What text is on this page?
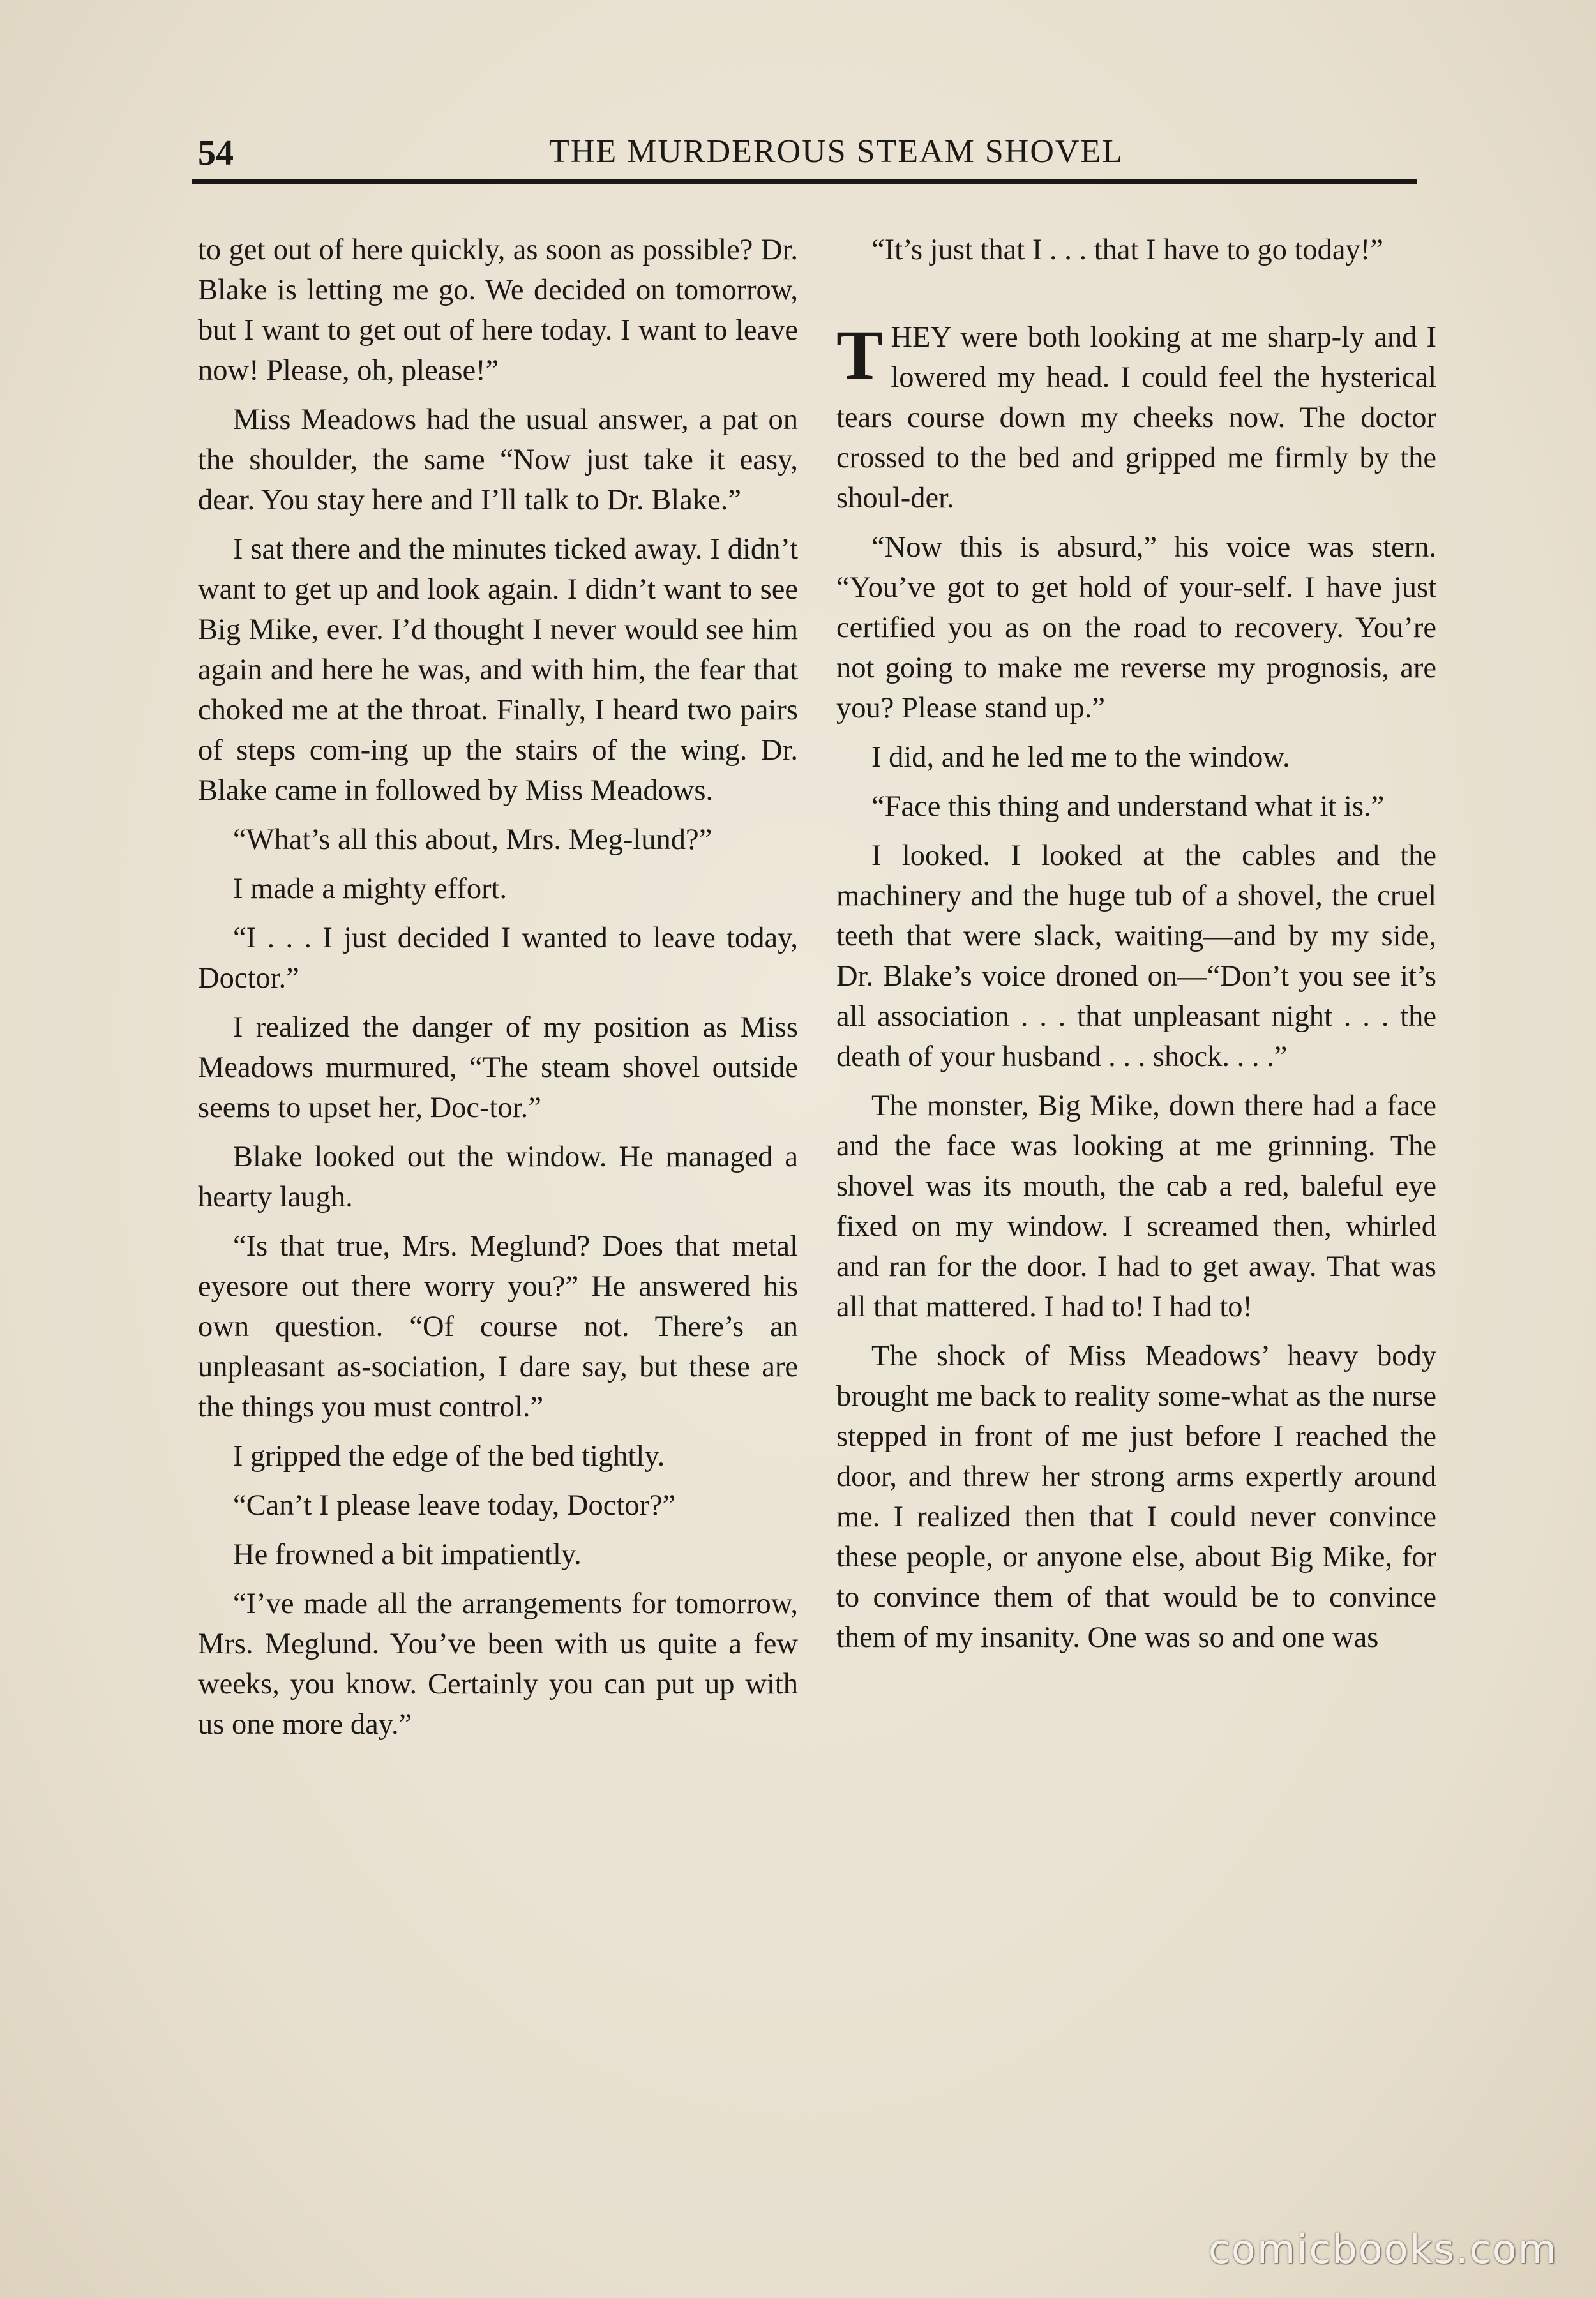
54	THE MURDEROUS STEAM SHOVEL

to get out of here quickly, as soon as possible? Dr. Blake is letting me go. We decided on tomorrow, but I want to get out of here today. I want to leave now! Please, oh, please!”

Miss Meadows had the usual answer, a pat on the shoulder, the same “Now just take it easy, dear. You stay here and I’ll talk to Dr. Blake.”

I sat there and the minutes ticked away. I didn’t want to get up and look again. I didn’t want to see Big Mike, ever. I’d thought I never would see him again and here he was, and with him, the fear that choked me at the throat. Finally, I heard two pairs of steps com-ing up the stairs of the wing. Dr. Blake came in followed by Miss Meadows.

“What’s all this about, Mrs. Meg-lund?”

I made a mighty effort.

“I . . . I just decided I wanted to leave today, Doctor.”

I realized the danger of my position as Miss Meadows murmured, “The steam shovel outside seems to upset her, Doc-tor.”

Blake looked out the window. He managed a hearty laugh.

“Is that true, Mrs. Meglund? Does that metal eyesore out there worry you?” He answered his own question. “Of course not. There’s an unpleasant as-sociation, I dare say, but these are the things you must control.”

I gripped the edge of the bed tightly.

“Can’t I please leave today, Doctor?”

He frowned a bit impatiently.

“I’ve made all the arrangements for tomorrow, Mrs. Meglund. You’ve been with us quite a few weeks, you know. Certainly you can put up with us one more day.”

“It’s just that I . . . that I have to go today!”

THEY were both looking at me sharp-ly and I lowered my head. I could feel the hysterical tears course down my cheeks now. The doctor crossed to the bed and gripped me firmly by the shoul-der.

“Now this is absurd,” his voice was stern. “You’ve got to get hold of your-self. I have just certified you as on the road to recovery. You’re not going to make me reverse my prognosis, are you? Please stand up.”

I did, and he led me to the window.

“Face this thing and understand what it is.”

I looked. I looked at the cables and the machinery and the huge tub of a shovel, the cruel teeth that were slack, waiting—and by my side, Dr. Blake’s voice droned on—“Don’t you see it’s all association . . . that unpleasant night . . . the death of your husband . . . shock. . . .”

The monster, Big Mike, down there had a face and the face was looking at me grinning. The shovel was its mouth, the cab a red, baleful eye fixed on my window. I screamed then, whirled and ran for the door. I had to get away. That was all that mattered. I had to! I had to!

The shock of Miss Meadows’ heavy body brought me back to reality some-what as the nurse stepped in front of me just before I reached the door, and threw her strong arms expertly around me. I realized then that I could never convince these people, or anyone else, about Big Mike, for to convince them of that would be to convince them of my insanity. One was so and one was

comicbooks.com
